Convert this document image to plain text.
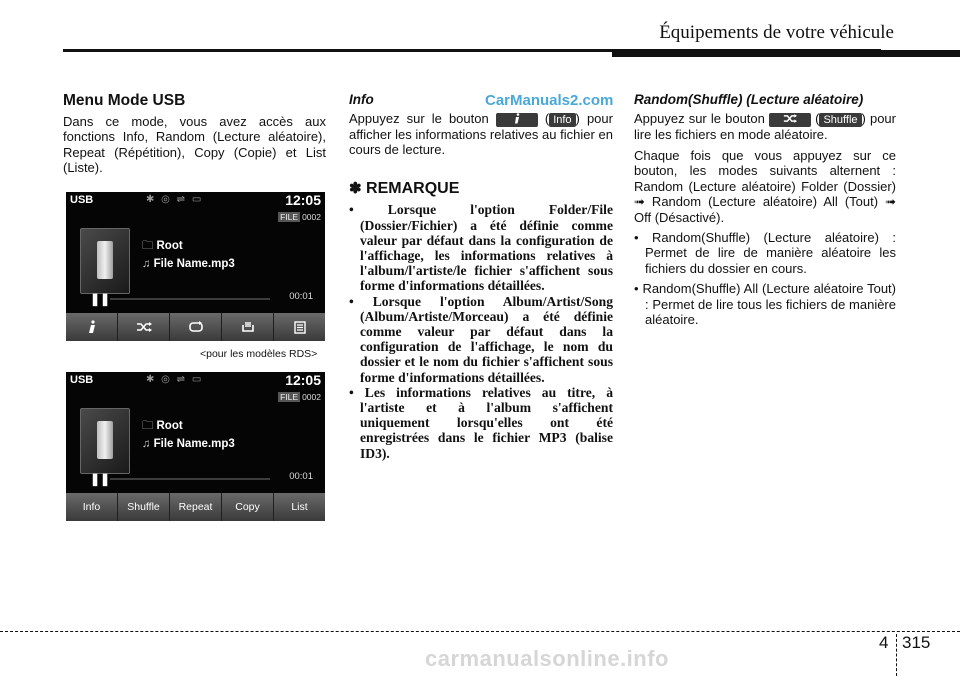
Équipements de votre véhicule
Menu Mode USB

Dans ce mode, vous avez accès aux fonctions Info, Random (Lecture aléatoire), Repeat (Répétition), Copy (Copie) et List (Liste).

USB	✱ ◎ ⇌ ▭	12:05
FILE 0002
🗀 Root
♫ File Name.mp3
❚❚	00:01
<pour les modèles RDS>
USB	✱ ◎ ⇌ ▭	12:05
FILE 0002
🗀 Root
♫ File Name.mp3
❚❚	00:01
Info	Shuffle	Repeat	Copy	List
Info

Appuyez sur le bouton	( Info ) pour afficher les informations relatives au fichier en cours de lecture.

✽ REMARQUE

• Lorsque l'option Folder/File (Dossier/Fichier) a été définie comme valeur par défaut dans la configuration de l'affichage, les informations relatives à l'album/l'artiste/le fichier s'affichent sous forme d'informations détaillées.

• Lorsque l'option Album/Artist/Song (Album/Artiste/Morceau) a été définie comme valeur par défaut dans la configuration de l'affichage, le nom du dossier et le nom du fichier s'affichent sous forme d'informations détaillées.

• Les informations relatives au titre, à l'artiste et à l'album s'affichent uniquement lorsqu'elles ont été enregistrées dans le fichier MP3 (balise ID3).

CarManuals2.com Random(Shuffle) (Lecture aléatoire)

Appuyez sur le bouton	( Shuffle ) pour lire les fichiers en mode aléatoire.

Chaque fois que vous appuyez sur ce bouton, les modes suivants alternent : Random (Lecture aléatoire) Folder (Dossier) ➟ Random (Lecture aléatoire) All (Tout) ➟ Off (Désactivé).

• Random(Shuffle) (Lecture aléatoire) : Permet de lire de manière aléatoire les fichiers du dossier en cours.

• Random(Shuffle) All (Lecture aléatoire Tout) : Permet de lire tous les fichiers de manière aléatoire.

4 315
carmanualsonline.info
